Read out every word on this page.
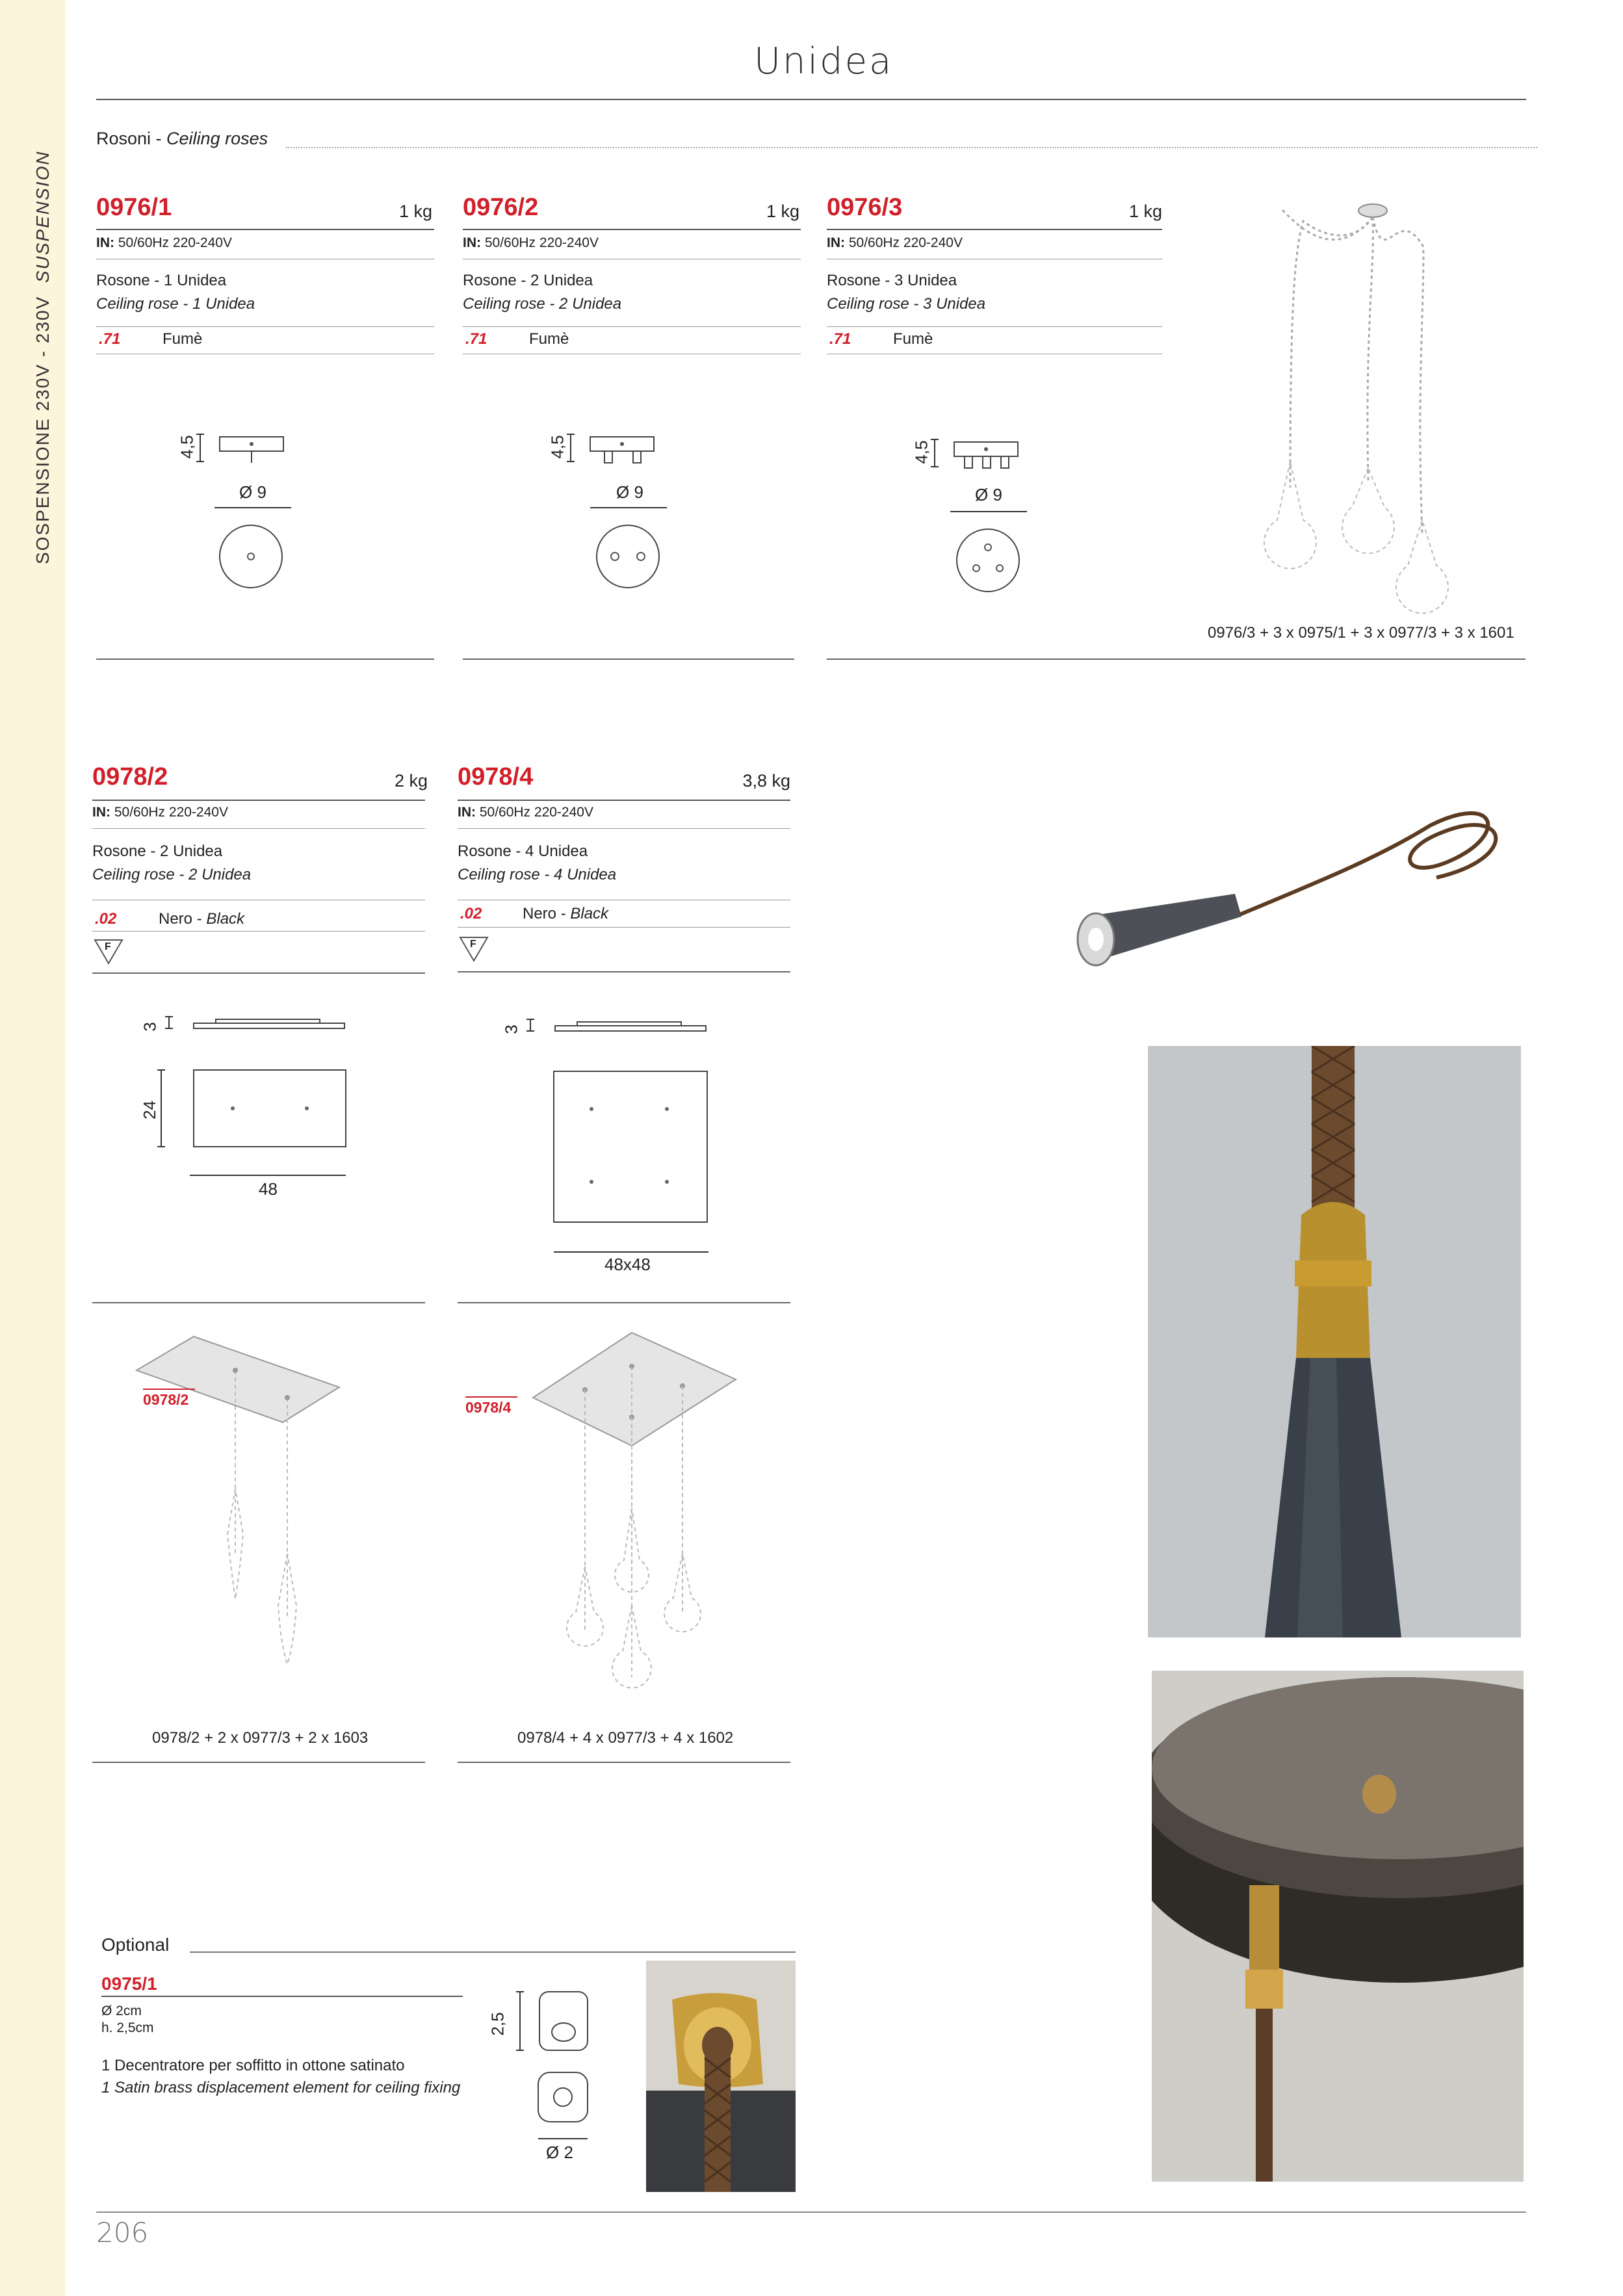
SOSPENSIONE 230V - 230V  SUSPENSION
Unidea
Rosoni - Ceiling roses
0976/1	1 kg
IN: 50/60Hz 220-240V
Rosone - 1 Unidea
Ceiling rose - 1 Unidea
.71	Fumè
4,5
Ø 9
0976/2	1 kg
IN: 50/60Hz 220-240V
Rosone - 2 Unidea
Ceiling rose - 2 Unidea
.71	Fumè
4,5
Ø 9
0976/3	1 kg
IN: 50/60Hz 220-240V
Rosone - 3 Unidea
Ceiling rose - 3 Unidea
.71	Fumè
4,5
Ø 9
0976/3 + 3 x 0975/1 + 3 x 0977/3 + 3 x 1601
0978/2	2 kg
IN: 50/60Hz 220-240V
Rosone - 2 Unidea
Ceiling rose - 2 Unidea
.02	Nero - Black
F
3
24
48
0978/2
0978/2 + 2 x 0977/3 + 2 x 1603
0978/4	3,8 kg
IN: 50/60Hz 220-240V
Rosone - 4 Unidea
Ceiling rose - 4 Unidea
.02	Nero - Black
F
3
48x48
0978/4
0978/4 + 4 x 0977/3 + 4 x 1602
Optional
0975/1
Ø 2cm
h. 2,5cm
1 Decentratore per soffitto in ottone satinato
1 Satin brass displacement element for ceiling fixing
2,5
Ø 2
206
